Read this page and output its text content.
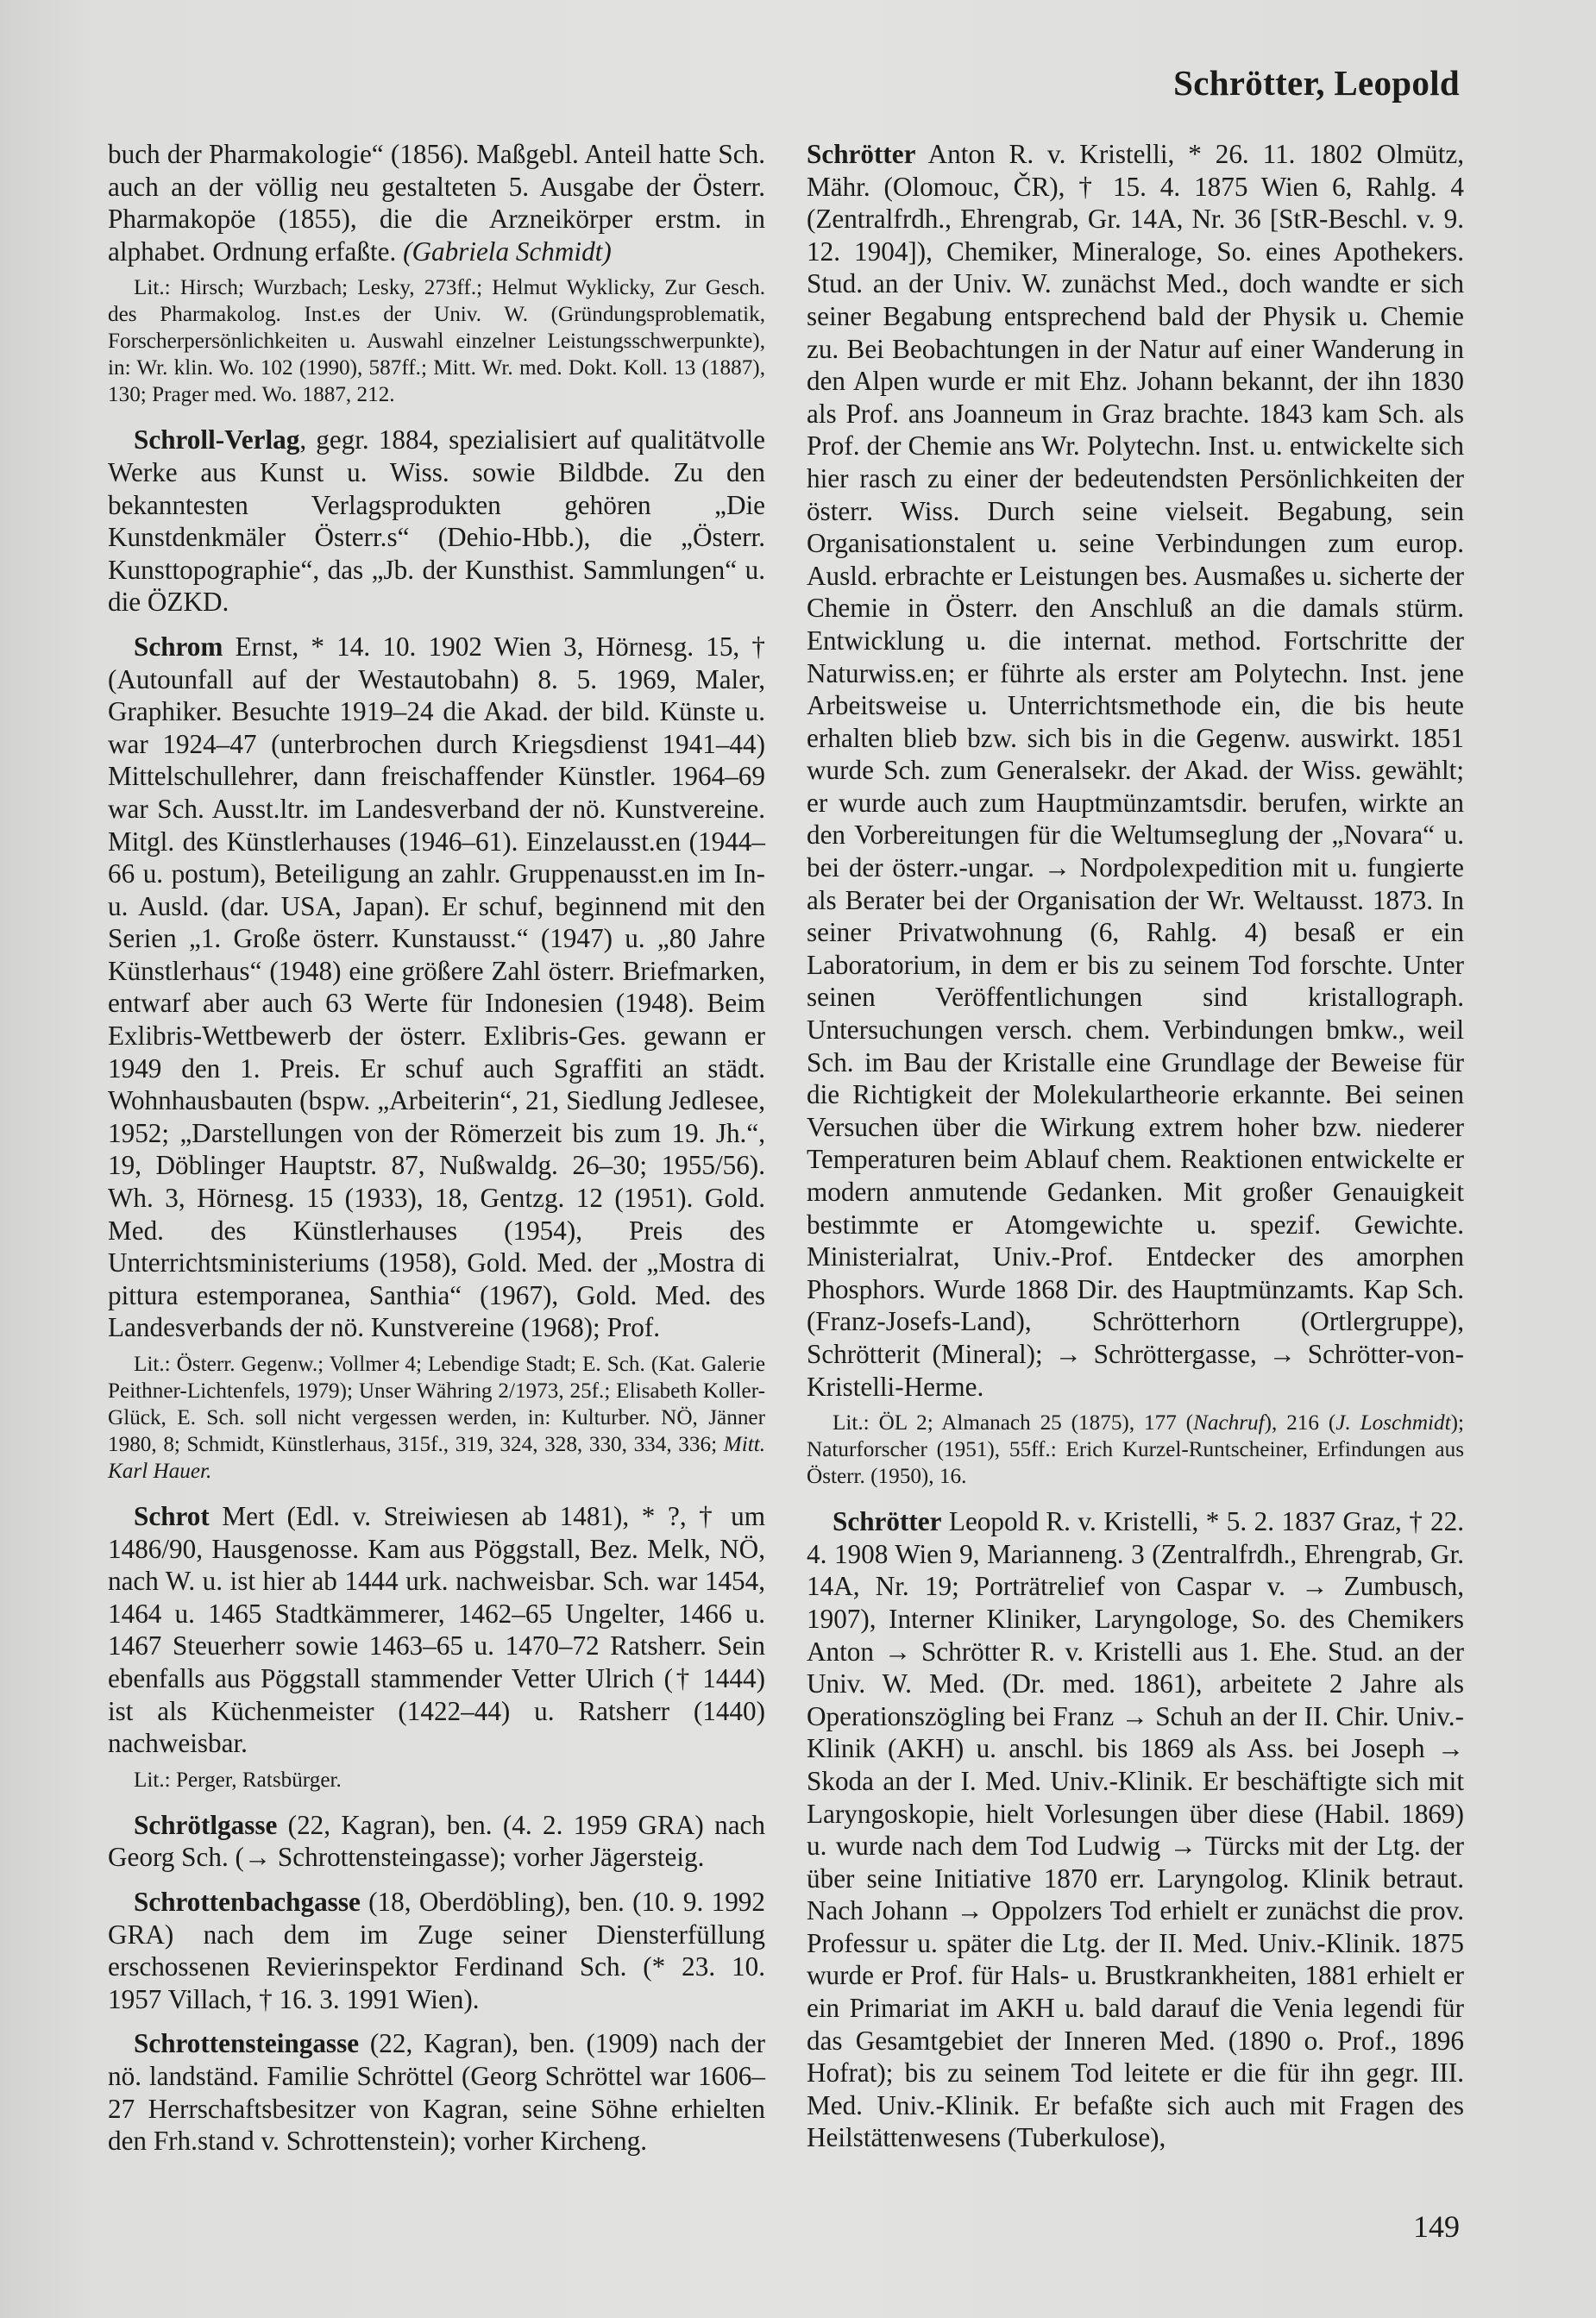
Schrötter, Leopold

buch der Pharmakologie“ (1856). Maßgebl. Anteil hatte Sch. auch an der völlig neu gestalteten 5. Ausgabe der Österr. Pharmakopöe (1855), die die Arzneikörper erstm. in alphabet. Ordnung erfaßte. (Gabriela Schmidt)

Lit.: Hirsch; Wurzbach; Lesky, 273ff.; Helmut Wyklicky, Zur Gesch. des Pharmakolog. Inst.es der Univ. W. (Gründungsproblematik, Forscherpersönlichkeiten u. Auswahl einzelner Leistungsschwerpunkte), in: Wr. klin. Wo. 102 (1990), 587ff.; Mitt. Wr. med. Dokt. Koll. 13 (1887), 130; Prager med. Wo. 1887, 212.

Schroll-Verlag, gegr. 1884, spezialisiert auf qualitätvolle Werke aus Kunst u. Wiss. sowie Bildbde. Zu den bekanntesten Verlagsprodukten gehören „Die Kunstdenkmäler Österr.s“ (Dehio-Hbb.), die „Österr. Kunsttopographie“, das „Jb. der Kunsthist. Sammlungen“ u. die ÖZKD.

Schrom Ernst, * 14. 10. 1902 Wien 3, Hörnesg. 15, † (Autounfall auf der Westautobahn) 8. 5. 1969, Maler, Graphiker. Besuchte 1919–24 die Akad. der bild. Künste u. war 1924–47 (unterbrochen durch Kriegsdienst 1941–44) Mittelschullehrer, dann freischaffender Künstler. 1964–69 war Sch. Ausst.ltr. im Landesverband der nö. Kunstvereine. Mitgl. des Künstlerhauses (1946–61). Einzelausst.en (1944–66 u. postum), Beteiligung an zahlr. Gruppenausst.en im In- u. Ausld. (dar. USA, Japan). Er schuf, beginnend mit den Serien „1. Große österr. Kunstausst.“ (1947) u. „80 Jahre Künstlerhaus“ (1948) eine größere Zahl österr. Briefmarken, entwarf aber auch 63 Werte für Indonesien (1948). Beim Exlibris-Wettbewerb der österr. Exlibris-Ges. gewann er 1949 den 1. Preis. Er schuf auch Sgraffiti an städt. Wohnhausbauten (bspw. „Arbeiterin“, 21, Siedlung Jedlesee, 1952; „Darstellungen von der Römerzeit bis zum 19. Jh.“, 19, Döblinger Hauptstr. 87, Nußwaldg. 26–30; 1955/56). Wh. 3, Hörnesg. 15 (1933), 18, Gentzg. 12 (1951). Gold. Med. des Künstlerhauses (1954), Preis des Unterrichtsministeriums (1958), Gold. Med. der „Mostra di pittura estemporanea, Santhia“ (1967), Gold. Med. des Landesverbands der nö. Kunstvereine (1968); Prof.

Lit.: Österr. Gegenw.; Vollmer 4; Lebendige Stadt; E. Sch. (Kat. Galerie Peithner-Lichtenfels, 1979); Unser Währing 2/1973, 25f.; Elisabeth Koller-Glück, E. Sch. soll nicht vergessen werden, in: Kulturber. NÖ, Jänner 1980, 8; Schmidt, Künstlerhaus, 315f., 319, 324, 328, 330, 334, 336; Mitt. Karl Hauer.

Schrot Mert (Edl. v. Streiwiesen ab 1481), * ?, † um 1486/90, Hausgenosse. Kam aus Pöggstall, Bez. Melk, NÖ, nach W. u. ist hier ab 1444 urk. nachweisbar. Sch. war 1454, 1464 u. 1465 Stadtkämmerer, 1462–65 Ungelter, 1466 u. 1467 Steuerherr sowie 1463–65 u. 1470–72 Ratsherr. Sein ebenfalls aus Pöggstall stammender Vetter Ulrich († 1444) ist als Küchenmeister (1422–44) u. Ratsherr (1440) nachweisbar.

Lit.: Perger, Ratsbürger.

Schrötlgasse (22, Kagran), ben. (4. 2. 1959 GRA) nach Georg Sch. (→ Schrottensteingasse); vorher Jägersteig.

Schrottenbachgasse (18, Oberdöbling), ben. (10. 9. 1992 GRA) nach dem im Zuge seiner Diensterfüllung erschossenen Revierinspektor Ferdinand Sch. (* 23. 10. 1957 Villach, † 16. 3. 1991 Wien).

Schrottensteingasse (22, Kagran), ben. (1909) nach der nö. landständ. Familie Schröttel (Georg Schröttel war 1606–27 Herrschaftsbesitzer von Kagran, seine Söhne erhielten den Frh.stand v. Schrottenstein); vorher Kircheng.

Schrötter Anton R. v. Kristelli, * 26. 11. 1802 Olmütz, Mähr. (Olomouc, ČR), † 15. 4. 1875 Wien 6, Rahlg. 4 (Zentralfrdh., Ehrengrab, Gr. 14A, Nr. 36 [StR-Beschl. v. 9. 12. 1904]), Chemiker, Mineraloge, So. eines Apothekers. Stud. an der Univ. W. zunächst Med., doch wandte er sich seiner Begabung entsprechend bald der Physik u. Chemie zu. Bei Beobachtungen in der Natur auf einer Wanderung in den Alpen wurde er mit Ehz. Johann bekannt, der ihn 1830 als Prof. ans Joanneum in Graz brachte. 1843 kam Sch. als Prof. der Chemie ans Wr. Polytechn. Inst. u. entwickelte sich hier rasch zu einer der bedeutendsten Persönlichkeiten der österr. Wiss. Durch seine vielseit. Begabung, sein Organisationstalent u. seine Verbindungen zum europ. Ausld. erbrachte er Leistungen bes. Ausmaßes u. sicherte der Chemie in Österr. den Anschluß an die damals stürm. Entwicklung u. die internat. method. Fortschritte der Naturwiss.en; er führte als erster am Polytechn. Inst. jene Arbeitsweise u. Unterrichtsmethode ein, die bis heute erhalten blieb bzw. sich bis in die Gegenw. auswirkt. 1851 wurde Sch. zum Generalsekr. der Akad. der Wiss. gewählt; er wurde auch zum Hauptmünzamtsdir. berufen, wirkte an den Vorbereitungen für die Weltumseglung der „Novara“ u. bei der österr.-ungar. → Nordpolexpedition mit u. fungierte als Berater bei der Organisation der Wr. Weltausst. 1873. In seiner Privatwohnung (6, Rahlg. 4) besaß er ein Laboratorium, in dem er bis zu seinem Tod forschte. Unter seinen Veröffentlichungen sind kristallograph. Untersuchungen versch. chem. Verbindungen bmkw., weil Sch. im Bau der Kristalle eine Grundlage der Beweise für die Richtigkeit der Molekulartheorie erkannte. Bei seinen Versuchen über die Wirkung extrem hoher bzw. niederer Temperaturen beim Ablauf chem. Reaktionen entwickelte er modern anmutende Gedanken. Mit großer Genauigkeit bestimmte er Atomgewichte u. spezif. Gewichte. Ministerialrat, Univ.-Prof. Entdecker des amorphen Phosphors. Wurde 1868 Dir. des Hauptmünzamts. Kap Sch. (Franz-Josefs-Land), Schrötterhorn (Ortlergruppe), Schrötterit (Mineral); → Schröttergasse, → Schrötter-von-Kristelli-Herme.

Lit.: ÖL 2; Almanach 25 (1875), 177 (Nachruf), 216 (J. Loschmidt); Naturforscher (1951), 55ff.: Erich Kurzel-Runtscheiner, Erfindungen aus Österr. (1950), 16.

Schrötter Leopold R. v. Kristelli, * 5. 2. 1837 Graz, † 22. 4. 1908 Wien 9, Marianneng. 3 (Zentralfrdh., Ehrengrab, Gr. 14A, Nr. 19; Porträtrelief von Caspar v. → Zumbusch, 1907), Interner Kliniker, Laryngologe, So. des Chemikers Anton → Schrötter R. v. Kristelli aus 1. Ehe. Stud. an der Univ. W. Med. (Dr. med. 1861), arbeitete 2 Jahre als Operationszögling bei Franz → Schuh an der II. Chir. Univ.-Klinik (AKH) u. anschl. bis 1869 als Ass. bei Joseph → Skoda an der I. Med. Univ.-Klinik. Er beschäftigte sich mit Laryngoskopie, hielt Vorlesungen über diese (Habil. 1869) u. wurde nach dem Tod Ludwig → Türcks mit der Ltg. der über seine Initiative 1870 err. Laryngolog. Klinik betraut. Nach Johann → Oppolzers Tod erhielt er zunächst die prov. Professur u. später die Ltg. der II. Med. Univ.-Klinik. 1875 wurde er Prof. für Hals- u. Brustkrankheiten, 1881 erhielt er ein Primariat im AKH u. bald darauf die Venia legendi für das Gesamtgebiet der Inneren Med. (1890 o. Prof., 1896 Hofrat); bis zu seinem Tod leitete er die für ihn gegr. III. Med. Univ.-Klinik. Er befaßte sich auch mit Fragen des Heilstättenwesens (Tuberkulose),

149
